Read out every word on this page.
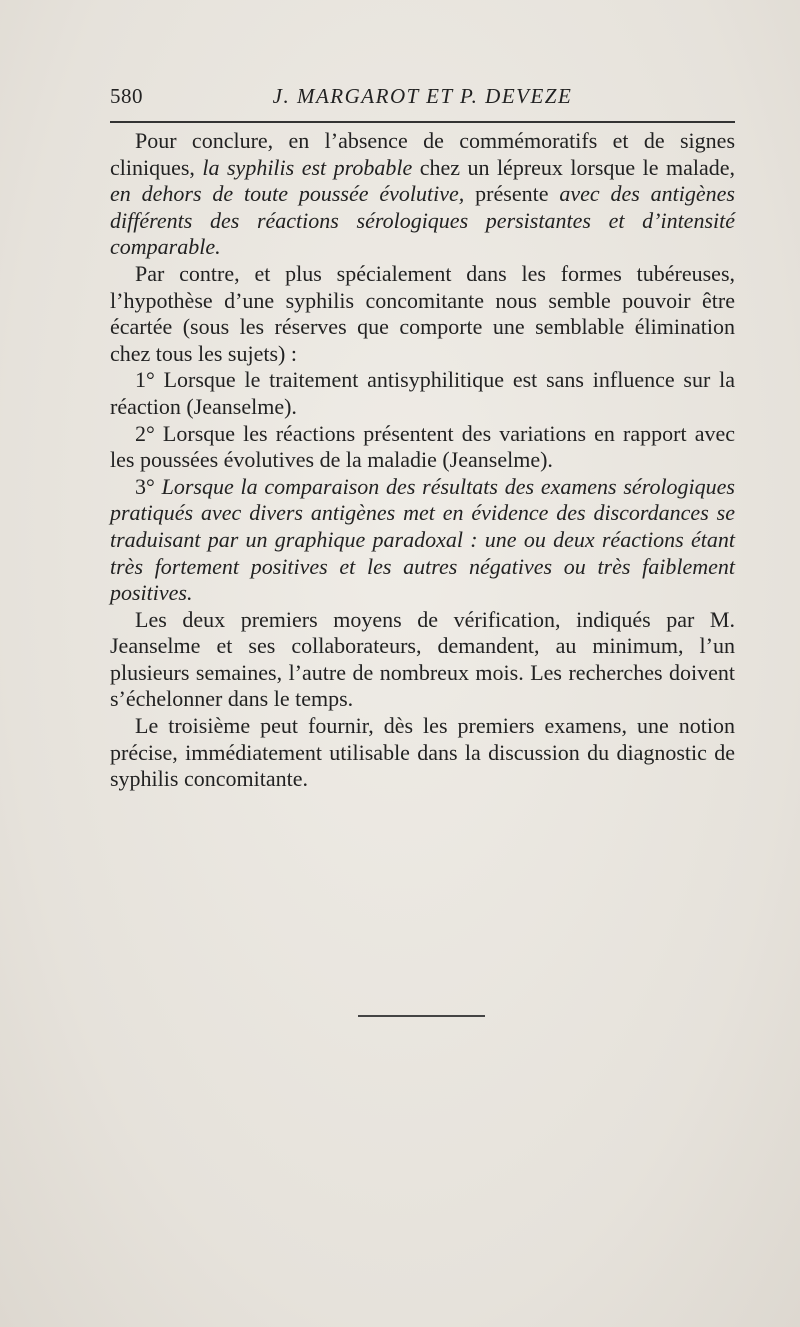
580	J. MARGAROT ET P. DEVEZE

Pour conclure, en l’absence de commémoratifs et de signes cliniques, la syphilis est probable chez un lépreux lorsque le malade, en dehors de toute poussée évolutive, présente avec des antigènes différents des réactions sérologiques persistantes et d’intensité comparable.

Par contre, et plus spécialement dans les formes tubéreuses, l’hypothèse d’une syphilis concomitante nous semble pouvoir être écartée (sous les réserves que comporte une semblable élimination chez tous les sujets) :

1° Lorsque le traitement antisyphilitique est sans influence sur la réaction (Jeanselme).

2° Lorsque les réactions présentent des variations en rapport avec les poussées évolutives de la maladie (Jeanselme).

3° Lorsque la comparaison des résultats des examens sérologiques pratiqués avec divers antigènes met en évidence des discordances se traduisant par un graphique paradoxal : une ou deux réactions étant très fortement positives et les autres négatives ou très faiblement positives.

Les deux premiers moyens de vérification, indiqués par M. Jeanselme et ses collaborateurs, demandent, au minimum, l’un plusieurs semaines, l’autre de nombreux mois. Les recherches doivent s’échelonner dans le temps.

Le troisième peut fournir, dès les premiers examens, une notion précise, immédiatement utilisable dans la discussion du diagnostic de syphilis concomitante.
